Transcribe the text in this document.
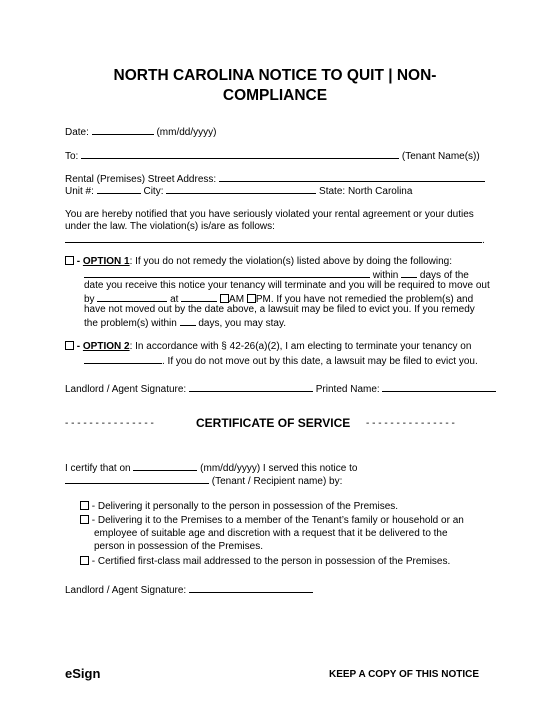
NORTH CAROLINA NOTICE TO QUIT | NON-COMPLIANCE
Date:	(mm/dd/yyyy)
To:	(Tenant Name(s))
Rental (Premises) Street Address:
Unit #:	City:	State: North Carolina
You are hereby notified that you have seriously violated your rental agreement or your duties
under the law. The violation(s) is/are as follows:
.
- OPTION 1: If you do not remedy the violation(s) listed above by doing the following:
within days of the
date you receive this notice your tenancy will terminate and you will be required to move out
by	at	AM PM. If you have not remedied the problem(s) and
have not moved out by the date above, a lawsuit may be filed to evict you. If you remedy
the problem(s) within days, you may stay.
- OPTION 2: In accordance with § 42-26(a)(2), I am electing to terminate your tenancy on
. If you do not move out by this date, a lawsuit may be filed to evict you.
Landlord / Agent Signature:	Printed Name:
- - - - - - - - - - - - - - -	CERTIFICATE OF SERVICE - - - - - - - - - - - - - - -
I certify that on	(mm/dd/yyyy) I served this notice to
(Tenant / Recipient name) by:
- Delivering it personally to the person in possession of the Premises.
- Delivering it to the Premises to a member of the Tenant’s family or household or an
employee of suitable age and discretion with a request that it be delivered to the
person in possession of the Premises.
- Certified first-class mail addressed to the person in possession of the Premises.
Landlord / Agent Signature:
eSign	KEEP A COPY OF THIS NOTICE
